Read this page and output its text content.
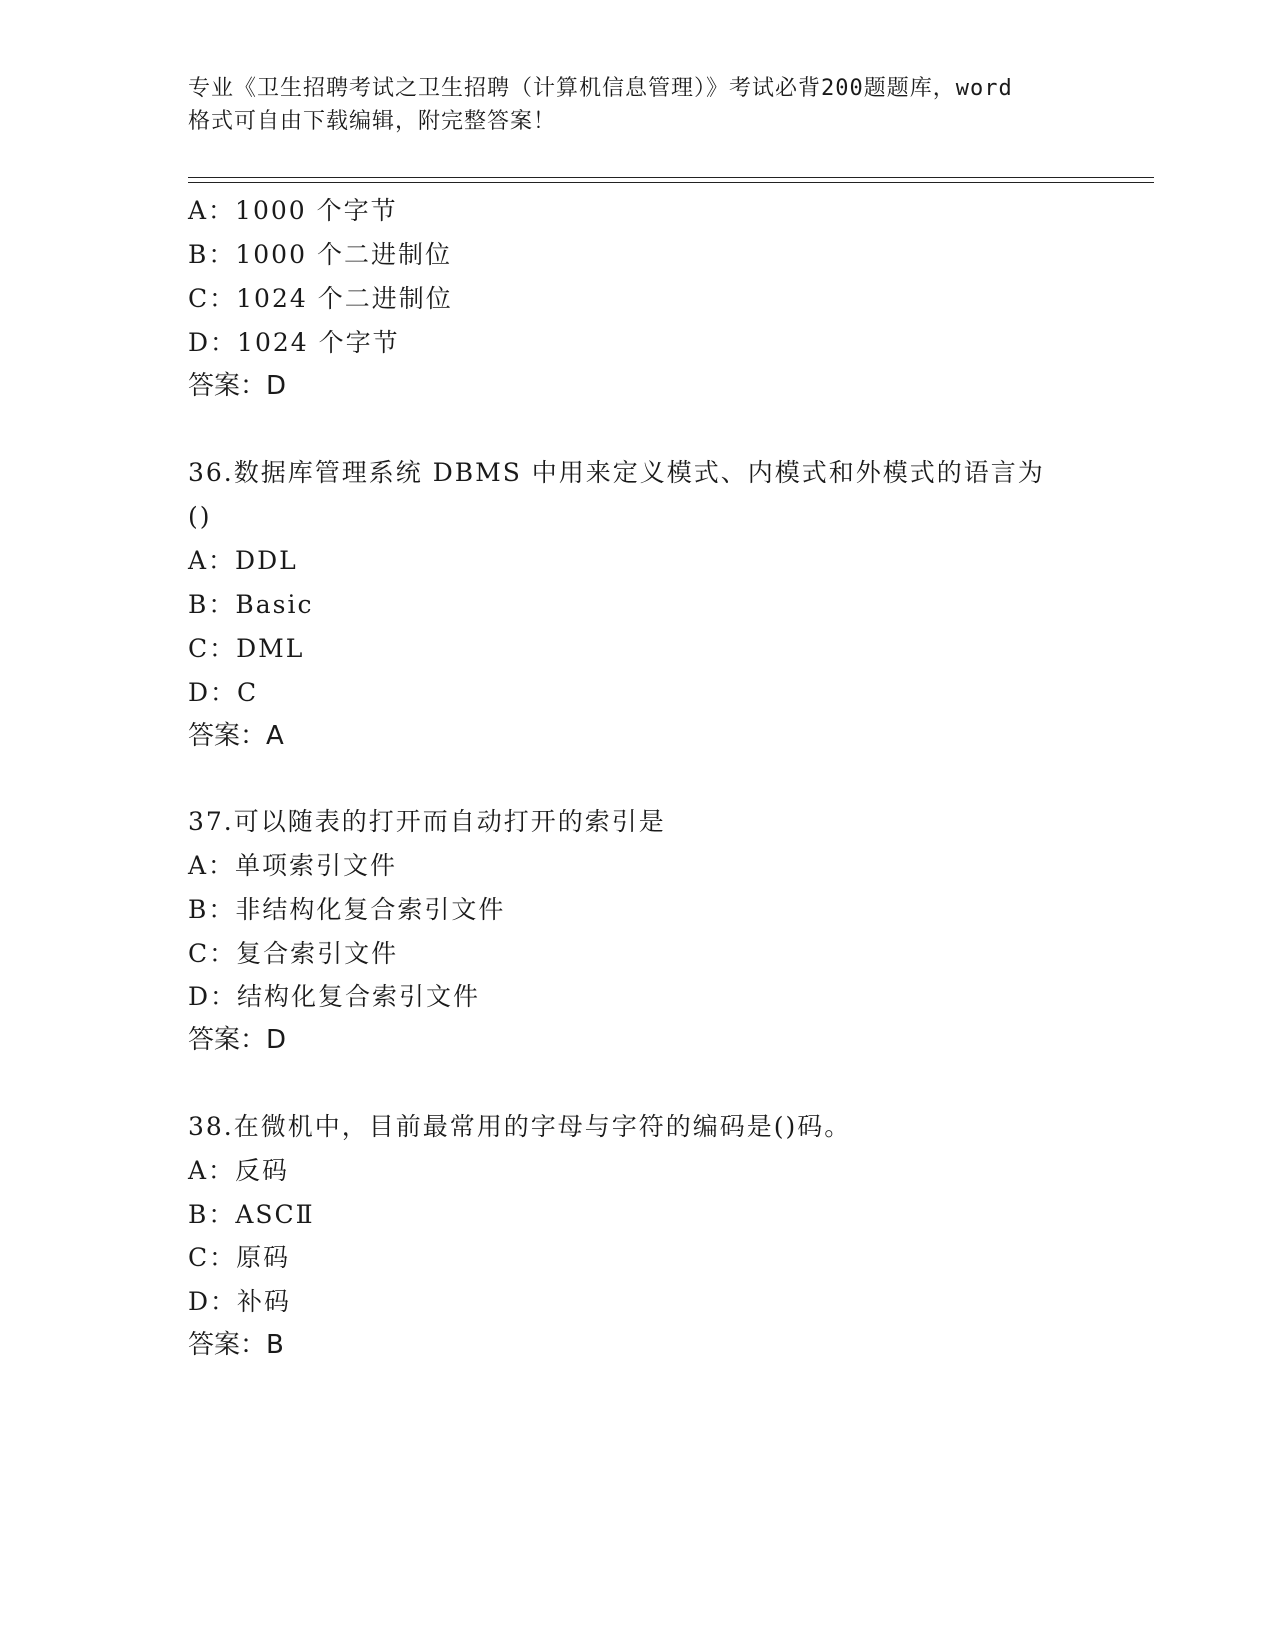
专业《卫生招聘考试之卫生招聘（计算机信息管理）》考试必背200题题库，word
格式可自由下载编辑，附完整答案！
A：1000 个字节
B：1000 个二进制位
C：1024 个二进制位
D：1024 个字节
答案：D
36.数据库管理系统 DBMS 中用来定义模式、内模式和外模式的语言为
()
A：DDL
B：Basic
C：DML
D：C
答案：A
37.可以随表的打开而自动打开的索引是
A：单项索引文件
B：非结构化复合索引文件
C：复合索引文件
D：结构化复合索引文件
答案：D
38.在微机中，目前最常用的字母与字符的编码是()码。
A：反码
B：ASCⅡ
C：原码
D：补码
答案：B
